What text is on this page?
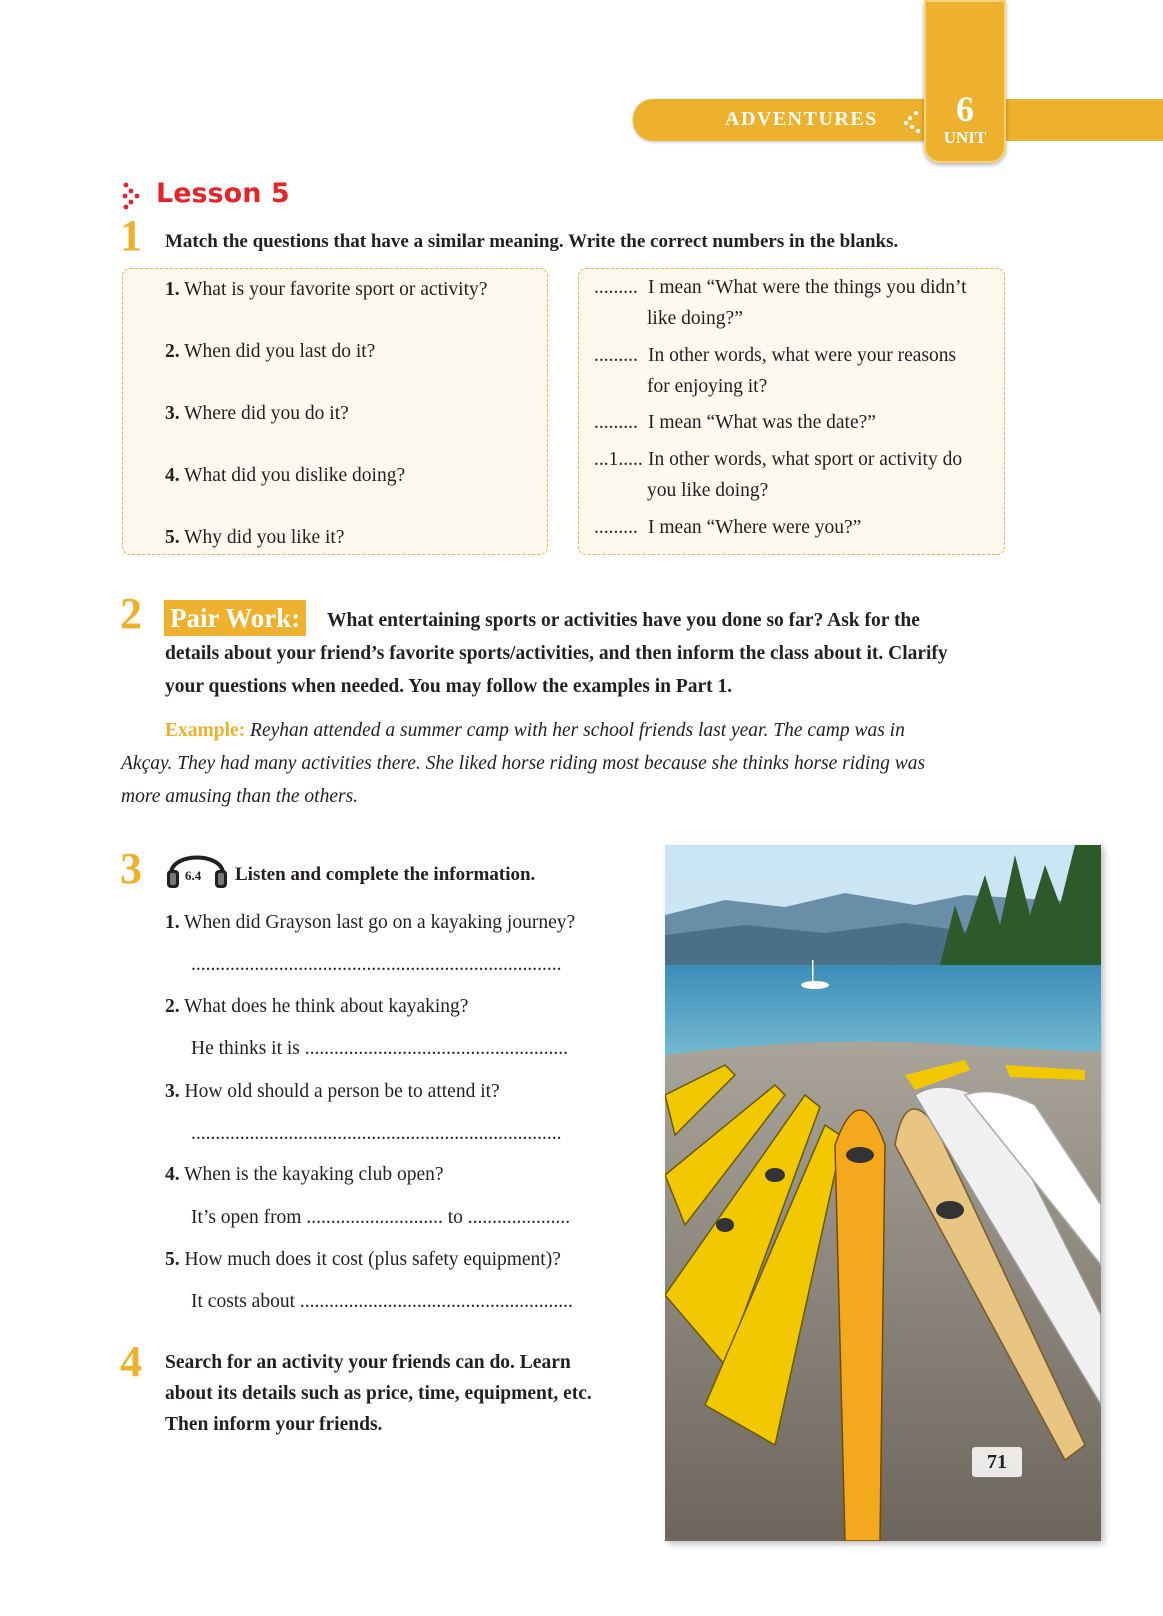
ADVENTURES	6
UNIT
Lesson 5
1 Match the questions that have a similar meaning. Write the correct numbers in the blanks.
1. What is your favorite sport or activity?
2. When did you last do it?
3. Where did you do it?
4. What did you dislike doing?
5. Why did you like it?
......... I mean “What were the things you didn’t
like doing?”
......... In other words, what were your reasons
for enjoying it?
......... I mean “What was the date?”
...1..... In other words, what sport or activity do
you like doing?
......... I mean “Where were you?”
2 Pair Work:	What entertaining sports or activities have you done so far? Ask for the
details about your friend’s favorite sports/activities, and then inform the class about it. Clarify
your questions when needed. You may follow the examples in Part 1.
Example: Reyhan attended a summer camp with her school friends last year. The camp was in
Akçay. They had many activities there. She liked horse riding most because she thinks horse riding was
more amusing than the others.
3	6.4 Listen and complete the information.
1. When did Grayson last go on a kayaking journey?
............................................................................
2. What does he think about kayaking?
He thinks it is ......................................................
3. How old should a person be to attend it?
............................................................................
4. When is the kayaking club open?
It’s open from ............................ to .....................
5. How much does it cost (plus safety equipment)?
It costs about ........................................................
4 Search for an activity your friends can do. Learn
about its details such as price, time, equipment, etc.
Then inform your friends.
71
